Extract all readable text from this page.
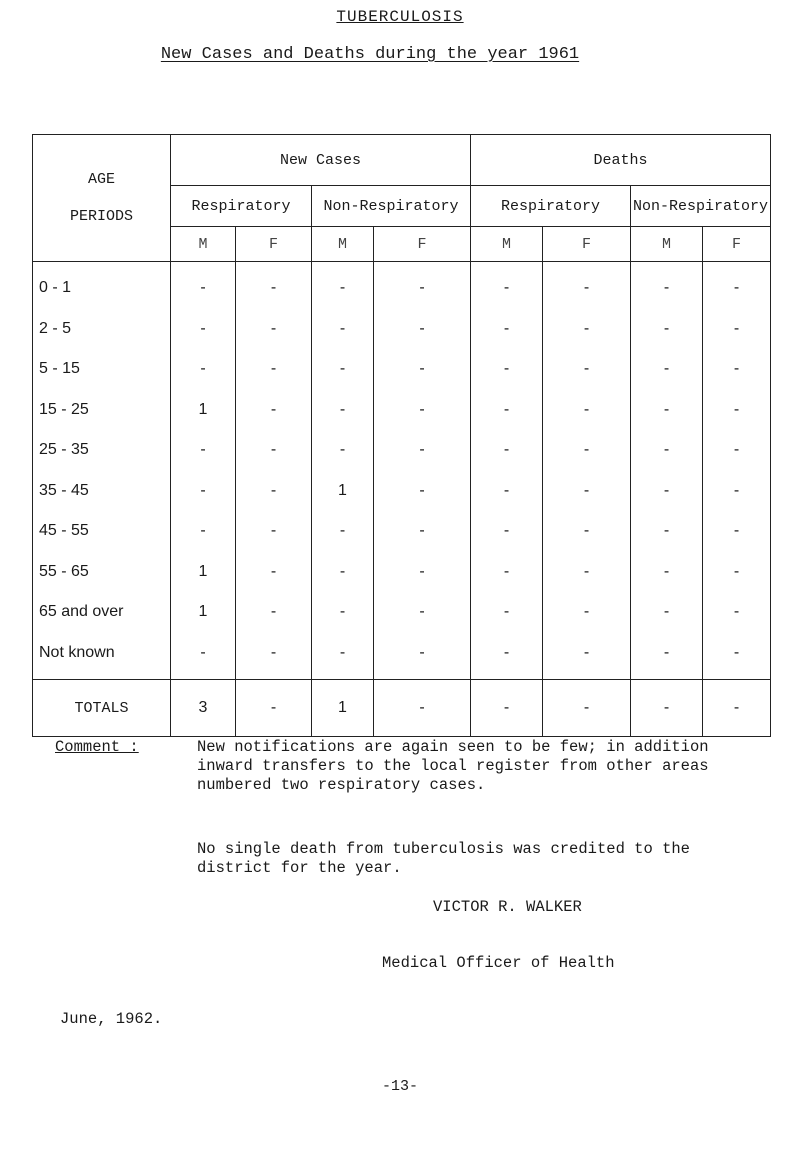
TUBERCULOSIS
New Cases and Deaths during the year 1961
AGE
PERIODS	New Cases				Deaths			
	Respiratory		Non-Respiratory		Respiratory		Non-Respiratory	
	M	F	M	F	M	F	M	F
0 - 1	-	-	-	-	-	-	-	-
2 - 5	-	-	-	-	-	-	-	-
5 - 15	-	-	-	-	-	-	-	-
15 - 25	1	-	-	-	-	-	-	-
25 - 35	-	-	-	-	-	-	-	-
35 - 45	-	-	1	-	-	-	-	-
45 - 55	-	-	-	-	-	-	-	-
55 - 65	1	-	-	-	-	-	-	-
65 and over	1	-	-	-	-	-	-	-
Not known	-	-	-	-	-	-	-	-
TOTALS	3	-	1	-	-	-	-	-
Comment :	New notifications are again seen to be few; in addition
inward transfers to the local register from other areas
numbered two respiratory cases.
No single death from tuberculosis was credited to the
district for the year.
VICTOR R. WALKER
Medical Officer of Health
June, 1962.
-13-
